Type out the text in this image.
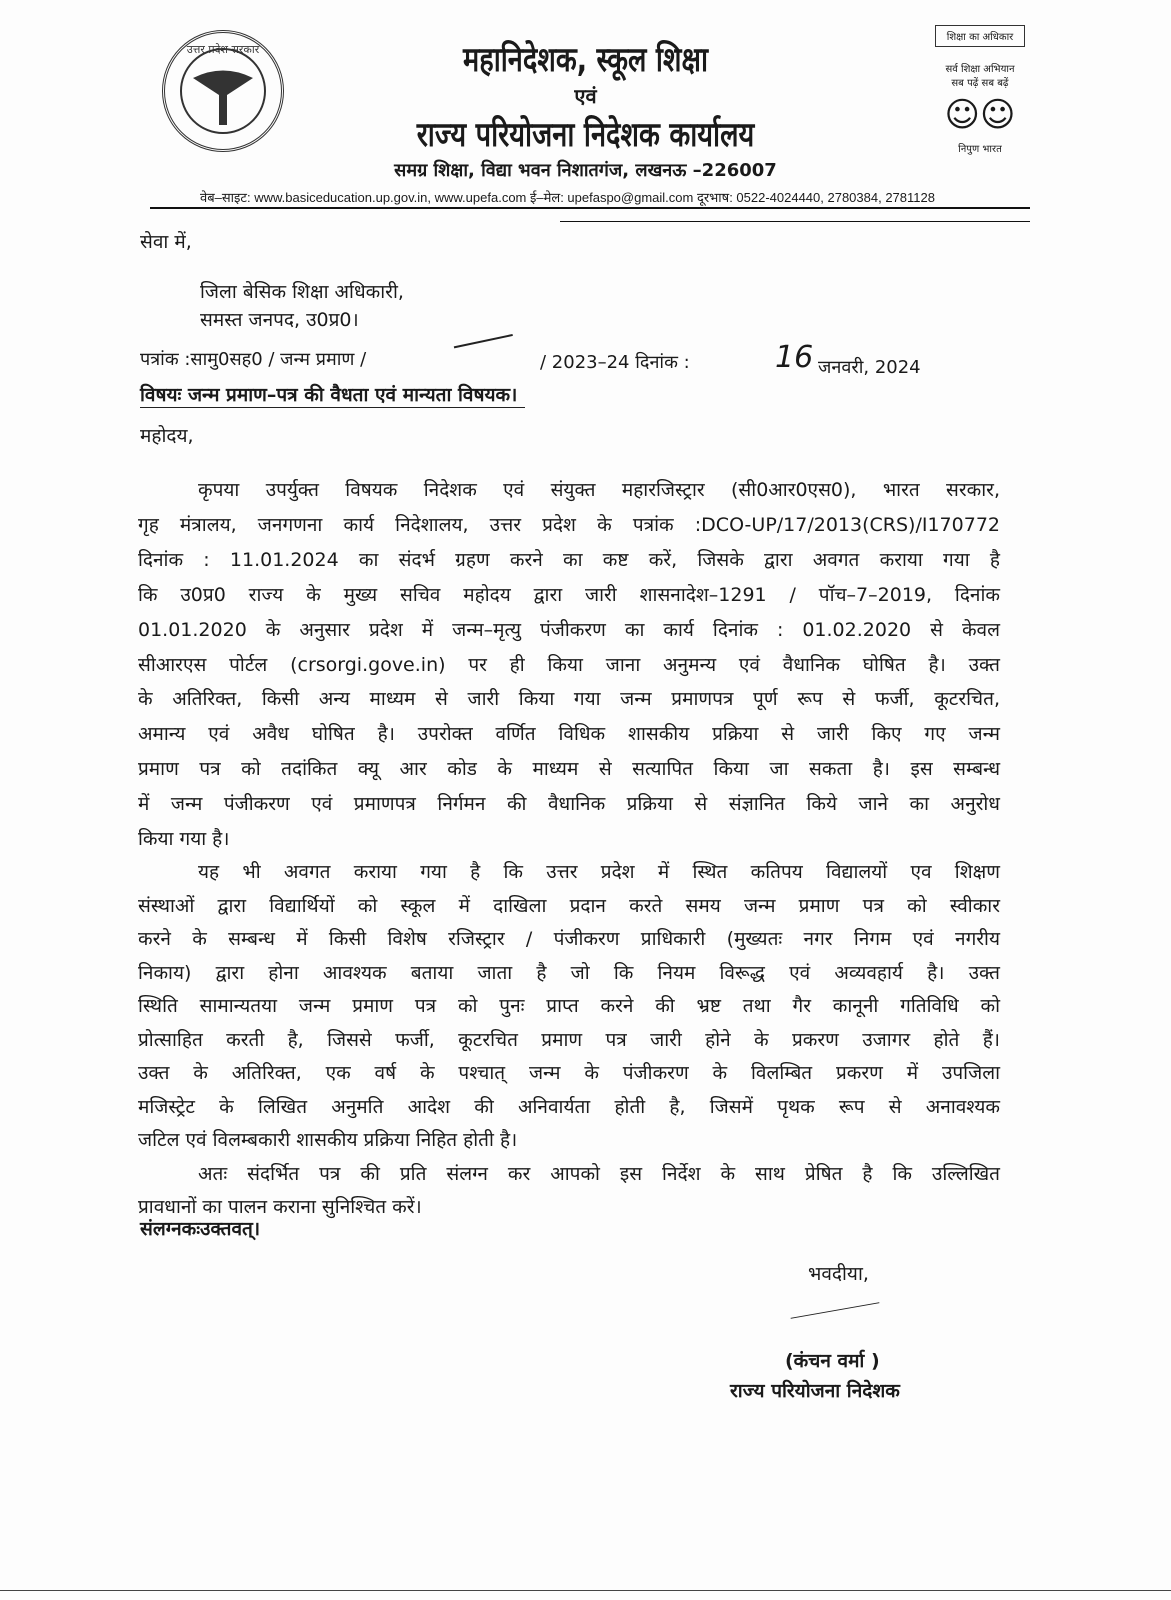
उत्तर प्रदेश सरकार	महानिदेशक, स्कूल शिक्षा
एवं
राज्य परियोजना निदेशक कार्यालय
समग्र शिक्षा, विद्या भवन निशातगंज, लखनऊ –226007
वेब–साइट: www.basiceducation.up.gov.in, www.upefa.com ई–मेल: upefaspo@gmail.com दूरभाष: 0522-4024440, 2780384, 2781128
शिक्षा का अधिकार
सर्व शिक्षा अभियान
सब पढ़ें सब बढ़ें
☺☺
निपुण भारत
सेवा में,
जिला बेसिक शिक्षा अधिकारी,
समस्त जनपद, उ0प्र0।
पत्रांक :सामु0सह0 / जन्म प्रमाण /	/ 2023–24 दिनांक :	16 जनवरी, 2024
विषयः जन्म प्रमाण–पत्र की वैधता एवं मान्यता विषयक।
महोदय,
कृपया उपर्युक्त विषयक निदेशक एवं संयुक्त महारजिस्ट्रार (सी0आर0एस0), भारत सरकार,
गृह मंत्रालय, जनगणना कार्य निदेशालय, उत्तर प्रदेश के पत्रांक :DCO-UP/17/2013(CRS)/I170772
दिनांक : 11.01.2024 का संदर्भ ग्रहण करने का कष्ट करें, जिसके द्वारा अवगत कराया गया है
कि उ0प्र0 राज्य के मुख्य सचिव महोदय द्वारा जारी शासनादेश–1291 / पॉच–7–2019, दिनांक
01.01.2020 के अनुसार प्रदेश में जन्म–मृत्यु पंजीकरण का कार्य दिनांक : 01.02.2020 से केवल
सीआरएस पोर्टल (crsorgi.gove.in) पर ही किया जाना अनुमन्य एवं वैधानिक घोषित है। उक्त
के अतिरिक्त, किसी अन्य माध्यम से जारी किया गया जन्म प्रमाणपत्र पूर्ण रूप से फर्जी, कूटरचित,
अमान्य एवं अवैध घोषित है। उपरोक्त वर्णित विधिक शासकीय प्रक्रिया से जारी किए गए जन्म
प्रमाण पत्र को तदांकित क्यू आर कोड के माध्यम से सत्यापित किया जा सकता है। इस सम्बन्ध
में जन्म पंजीकरण एवं प्रमाणपत्र निर्गमन की वैधानिक प्रक्रिया से संज्ञानित किये जाने का अनुरोध
किया गया है।
यह भी अवगत कराया गया है कि उत्तर प्रदेश में स्थित कतिपय विद्यालयों एव शिक्षण
संस्थाओं द्वारा विद्यार्थियों को स्कूल में दाखिला प्रदान करते समय जन्म प्रमाण पत्र को स्वीकार
करने के सम्बन्ध में किसी विशेष रजिस्ट्रार / पंजीकरण प्राधिकारी (मुख्यतः नगर निगम एवं नगरीय
निकाय) द्वारा होना आवश्यक बताया जाता है जो कि नियम विरूद्ध एवं अव्यवहार्य है। उक्त
स्थिति सामान्यतया जन्म प्रमाण पत्र को पुनः प्राप्त करने की भ्रष्ट तथा गैर कानूनी गतिविधि को
प्रोत्साहित करती है, जिससे फर्जी, कूटरचित प्रमाण पत्र जारी होने के प्रकरण उजागर होते हैं।
उक्त के अतिरिक्त, एक वर्ष के पश्चात् जन्म के पंजीकरण के विलम्बित प्रकरण में उपजिला
मजिस्ट्रेट के लिखित अनुमति आदेश की अनिवार्यता होती है, जिसमें पृथक रूप से अनावश्यक
जटिल एवं विलम्बकारी शासकीय प्रक्रिया निहित होती है।
अतः संदर्भित पत्र की प्रति संलग्न कर आपको इस निर्देश के साथ प्रेषित है कि उल्लिखित
प्रावधानों का पालन कराना सुनिश्चित करें।
संलग्नकःउक्तवत्।
भवदीया,
(कंचन वर्मा )
राज्य परियोजना निदेशक
